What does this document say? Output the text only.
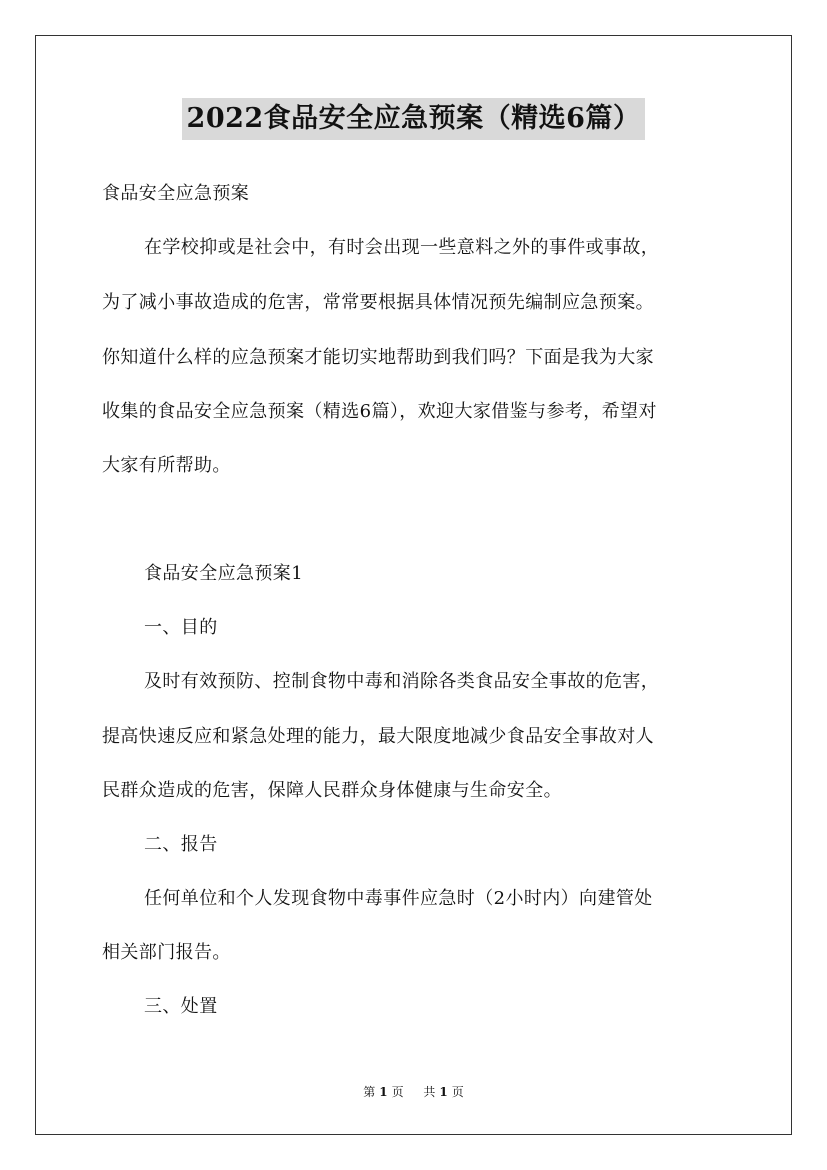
2022食品安全应急预案（精选6篇）
食品安全应急预案
在学校抑或是社会中，有时会出现一些意料之外的事件或事故，
为了减小事故造成的危害，常常要根据具体情况预先编制应急预案。
你知道什么样的应急预案才能切实地帮助到我们吗？下面是我为大家
收集的食品安全应急预案（精选6篇），欢迎大家借鉴与参考，希望对
大家有所帮助。
食品安全应急预案1
一、目的
及时有效预防、控制食物中毒和消除各类食品安全事故的危害，
提高快速反应和紧急处理的能力，最大限度地减少食品安全事故对人
民群众造成的危害，保障人民群众身体健康与生命安全。
二、报告
任何单位和个人发现食物中毒事件应急时（2小时内）向建管处
相关部门报告。
三、处置
第 1 页 共 1 页
